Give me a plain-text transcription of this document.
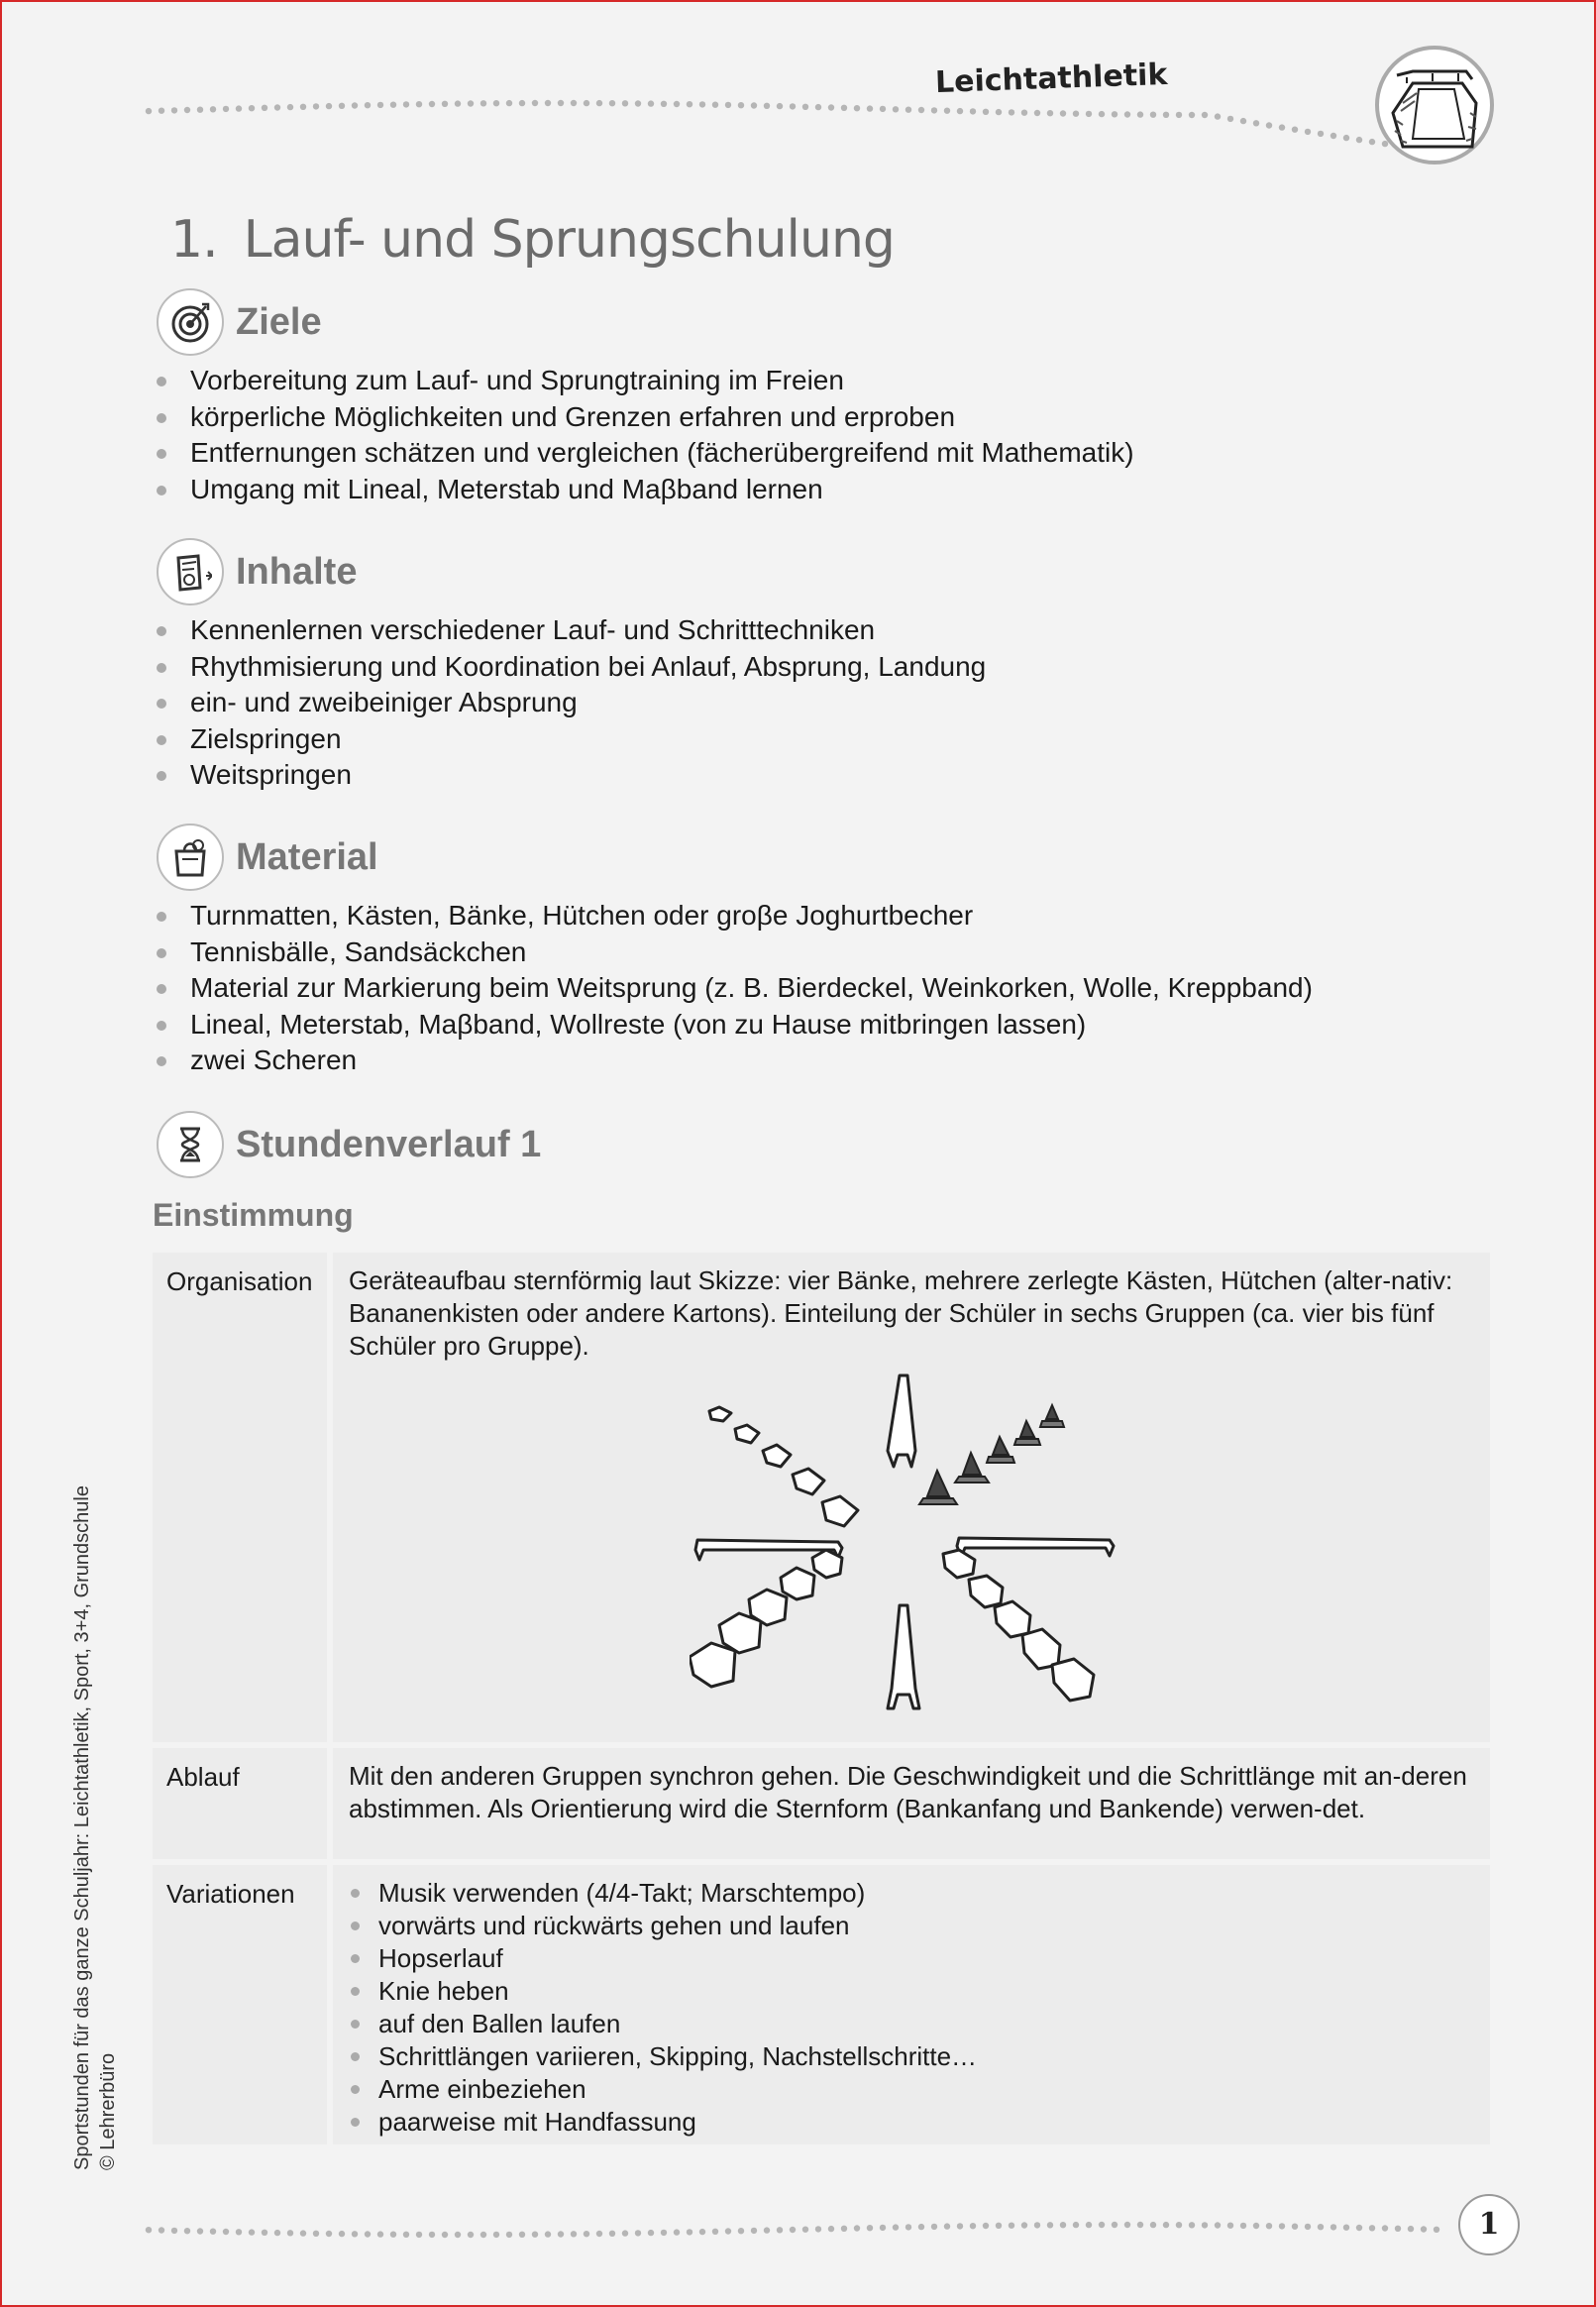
Leichtathletik
1. Lauf- und Sprungschulung
Ziele
Vorbereitung zum Lauf- und Sprungtraining im Freien
körperliche Möglichkeiten und Grenzen erfahren und erproben
Entfernungen schätzen und vergleichen (fächerübergreifend mit Mathematik)
Umgang mit Lineal, Meterstab und Maβband lernen
Inhalte
Kennenlernen verschiedener Lauf- und Schritttechniken
Rhythmisierung und Koordination bei Anlauf, Absprung, Landung
ein- und zweibeiniger Absprung
Zielspringen
Weitspringen
Material
Turnmatten, Kästen, Bänke, Hütchen oder groβe Joghurtbecher
Tennisbälle, Sandsäckchen
Material zur Markierung beim Weitsprung (z. B. Bierdeckel, Weinkorken, Wolle, Kreppband)
Lineal, Meterstab, Maβband, Wollreste (von zu Hause mitbringen lassen)
zwei Scheren
Stundenverlauf 1
Einstimmung
Organisation	Geräteaufbau sternförmig laut Skizze: vier Bänke, mehrere zerlegte Kästen, Hütchen (alter-nativ: Bananenkisten oder andere Kartons). Einteilung der Schüler in sechs Gruppen (ca. vier bis fünf Schüler pro Gruppe).
Ablauf	Mit den anderen Gruppen synchron gehen. Die Geschwindigkeit und die Schrittlänge mit an-deren abstimmen. Als Orientierung wird die Sternform (Bankanfang und Bankende) verwen-det.
Variationen	Musik verwenden (4/4-Takt; Marschtempo)
vorwärts und rückwärts gehen und laufen
Hopserlauf
Knie heben
auf den Ballen laufen
Schrittlängen variieren, Skipping, Nachstellschritte…
Arme einbeziehen
paarweise mit Handfassung
Sportstunden für das ganze Schuljahr: Leichtathletik, Sport, 3+4, Grundschule © Lehrerbüro
1
